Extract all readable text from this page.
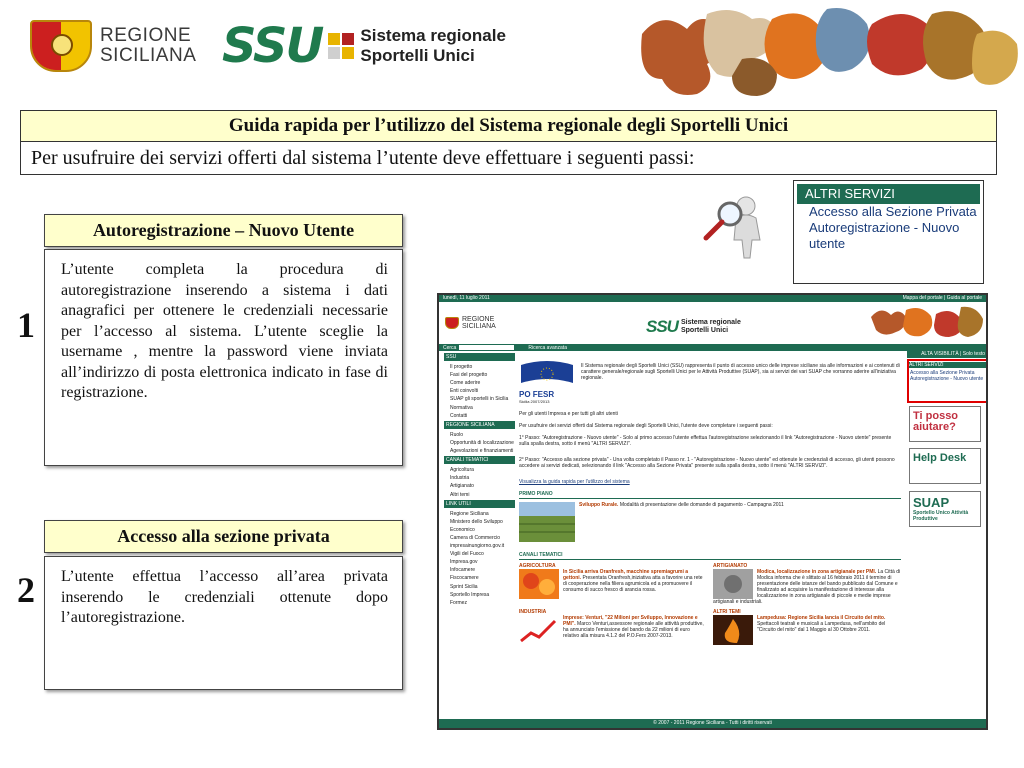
REGIONE
SICILIANA SSU Sistema regionale
Sportelli Unici
Guida rapida per l’utilizzo del Sistema regionale degli Sportelli Unici
Per usufruire dei servizi offerti dal sistema l’utente deve effettuare i seguenti passi:
1
Autoregistrazione – Nuovo Utente
L’utente completa la procedura di autoregistrazione inserendo a sistema i dati anagrafici per ottenere le credenziali necessarie per l’accesso al sistema. L’utente sceglie la username , mentre la password viene inviata all’indirizzo di posta elettronica indicato in fase di registrazione.
2
Accesso alla sezione privata
L’utente effettua l’accesso all’area privata inserendo le credenziali ottenute dopo l’autoregistrazione.
ALTRI SERVIZI
Accesso alla Sezione Privata
Autoregistrazione - Nuovo utente
lunedì, 11 luglio 2011	Mappa del portale | Guida al portale
REGIONE
SICILIANA	SSU Sistema regionale
Sportelli Unici
Cerca	Ricerca avanzata
SSU
Il progetto
Fasi del progetto
Come aderire
Enti coinvolti
SUAP gli sportelli in Sicilia
Normativa
Contatti
REGIONE SICILIANA
Ruolo
Opportunità di localizzazione
Agevolazioni e finanziamenti
CANALI TEMATICI
Agricoltura
Industria
Artigianato
Altri temi
LINK UTILI
Regione Siciliana
Ministero dello Sviluppo Economico
Camera di Commercio
impresainungiorno.gov.it
Vigili del Fuoco
Impresa.gov
Infocamere
Fiscocamere
Sprint Sicilia
Sportello Impresa
Formez
PO FESR
Sicilia 2007/2013
Il Sistema regionale degli Sportelli Unici (SSU) rappresenta il punto di accesso unico delle imprese siciliane sia alle informazioni e ai contenuti di carattere generale/regionale sugli Sportelli Unici per le Attività Produttive (SUAP), sia ai servizi dei vari SUAP che vorranno aderire all'iniziativa regionale.
Per gli utenti Impresa e per tutti gli altri utenti
Per usufruire dei servizi offerti dal Sistema regionale degli Sportelli Unici, l'utente deve completare i seguenti passi:
1° Passo: "Autoregistrazione - Nuovo utente" - Solo al primo accesso l'utente effettua l'autoregistrazione selezionando il link "Autoregistrazione - Nuovo utente" presente sulla spalla destra, sotto il menù "ALTRI SERVIZI".
2° Passo: "Accesso alla sezione privata" - Una volta completato il Passo nr. 1 - "Autoregistrazione - Nuovo utente" ed ottenute le credenziali di accesso, gli utenti possono accedere ai servizi dedicati, selezionando il link "Accesso alla Sezione Privata" presente sulla spalla destra, sotto il menù "ALTRI SERVIZI".
Visualizza la guida rapida per l'utilizzo del sistema
PRIMO PIANO
Sviluppo Rurale. Modalità di presentazione delle domande di pagamento - Campagna 2011
CANALI TEMATICI
AGRICOLTURA
In Sicilia arriva Oranfresh, macchine spremiagrumi a gettoni. Presentata Oranfresh,iniziativa atta a favorire una rete di cooperazione nella filiera agrumicola ed a promuovere il consumo di succo fresco di arancia rossa.
ARTIGIANATO
Modica, localizzazione in zona artigianale per PMI. La Città di Modica informa che è slittato al 16 febbraio 2011 il termine di presentazione delle istanze del bando pubblicato dal Comune e finalizzato ad acquisire la manifestazione di interesse alla localizzazione in zona artigianale di piccole e medie imprese artigianali e industriali.
INDUSTRIA
Imprese: Venturi, "22 Milioni per Sviluppo, Innovazione e PMI". Marco Venturi,assessore regionale alle attività produttive, ha annunciato l'emissione del bando da 22 milioni di euro relativo alla misura 4.1.2 del P.O.Fers 2007-2013.
ALTRI TEMI
Lampedusa: Regione Sicilia lancia il Circuito del mito. Spettacoli teatrali e musicali a Lampedusa, nell'ambito del "Circuito del mito" dal 1 Maggio al 30 Ottobre 2011.
ALTA VISIBILITÀ | Solo testo
ALTRI SERVIZI
Accesso alla Sezione Privata
Autoregistrazione - Nuovo utente
Ti posso aiutare?
Help Desk
SUAP
Sportello Unico Attività Produttive
© 2007 - 2011 Regione Siciliana - Tutti i diritti riservati
